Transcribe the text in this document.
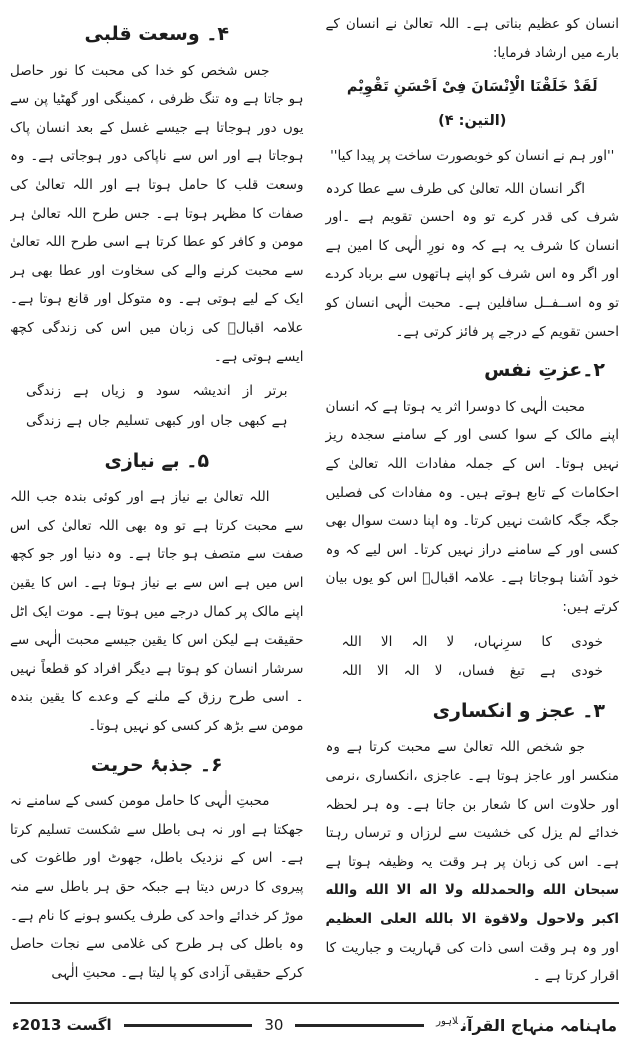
انسان کو عظیم بناتی ہے۔ اللہ تعالیٰ نے انسان کے بارے میں ارشاد فرمایا:

لَقَدْ خَلَقْنَا الْاِنْسَانَ فِیْ اَحْسَنِ تَقْوِیْم (التین: ۴)
''اور ہم نے انسان کو خوبصورت ساخت پر پیدا کیا''

اگر انسان اللہ تعالیٰ کی طرف سے عطا کردہ شرف کی قدر کرے تو وہ احسن تقویم ہے ۔اور انسان کا شرف یہ ہے کہ وہ نورِ الٰہی کا امین ہے اور اگر وہ اس شرف کو اپنے ہاتھوں سے برباد کردے تو وہ اســفــل سافلین ہے۔ محبت الٰہی انسان کو احسن تقویم کے درجے پر فائز کرتی ہے۔

۲۔عزتِ نفس

محبت الٰہی کا دوسرا اثر یہ ہوتا ہے کہ انسان اپنے مالک کے سوا کسی اور کے سامنے سجدہ ریز نہیں ہوتا۔ اس کے جملہ مفادات اللہ تعالیٰ کے احکامات کے تابع ہوتے ہیں۔ وہ مفادات کی فصلیں جگہ جگہ کاشت نہیں کرتا۔ وہ اپنا دست سوال بھی کسی اور کے سامنے دراز نہیں کرتا۔ اس لیے کہ وہ خود آشنا ہوجاتا ہے۔ علامہ اقبالؒ اس کو یوں بیان کرتے ہیں:

خودی کا سرِنہاں، لا الہ الا اللہ
خودی ہے تیغ فساں، لا الہ الا اللہ
۳۔ عجز و انکساری

جو شخص اللہ تعالیٰ سے محبت کرتا ہے وہ منکسر اور عاجز ہوتا ہے۔ عاجزی ،انکساری ،نرمی اور حلاوت اس کا شعار بن جاتا ہے۔ وہ ہر لحظہ خدائے لم یزل کی خشیت سے لرزاں و ترساں رہتا ہے۔ اس کی زبان پر ہر وقت یہ وظیفہ ہوتا ہے سبحان الله والحمدلله ولا اله الا الله والله اكبر ولاحول ولاقوة الا بالله العلی العظیم اور وہ ہر وقت اسی ذات کی قہاریت و جباریت کا اقرار کرتا ہے ۔

۴۔ وسعت قلبی

جس شخص کو خدا کی محبت کا نور حاصل ہو جاتا ہے وہ تنگ ظرفی ، کمینگی اور گھٹیا پن سے یوں دور ہوجاتا ہے جیسے غسل کے بعد انسان پاک ہوجاتا ہے اور اس سے ناپاکی دور ہوجاتی ہے۔ وہ وسعت قلب کا حامل ہوتا ہے اور اللہ تعالیٰ کی صفات کا مظہر ہوتا ہے۔ جس طرح اللہ تعالیٰ ہر مومن و کافر کو عطا کرتا ہے اسی طرح اللہ تعالیٰ سے محبت کرنے والے کی سخاوت اور عطا بھی ہر ایک کے لیے ہوتی ہے۔ وہ متوکل اور قانع ہوتا ہے۔ علامہ اقبالؒ کی زبان میں اس کی زندگی کچھ ایسے ہوتی ہے۔

برتر از اندیشہ سود و زیاں ہے زندگی
ہے کبھی جاں اور کبھی تسلیم جاں ہے زندگی
۵۔ بے نیازی

اللہ تعالیٰ بے نیاز ہے اور کوئی بندہ جب اللہ سے محبت کرتا ہے تو وہ بھی اللہ تعالیٰ کی اس صفت سے متصف ہو جاتا ہے۔ وہ دنیا اور جو کچھ اس میں ہے اس سے بے نیاز ہوتا ہے۔ اس کا یقین اپنے مالک پر کمال درجے میں ہوتا ہے۔ موت ایک اٹل حقیقت ہے لیکن اس کا یقین جیسے محبت الٰہی سے سرشار انسان کو ہوتا ہے دیگر افراد کو قطعاً نہیں ۔ اسی طرح رزق کے ملنے کے وعدے کا یقین بندہ مومن سے بڑھ کر کسی کو نہیں ہوتا۔

۶۔ جذبۂ حریت

محبتِ الٰہی کا حامل مومن کسی کے سامنے نہ جھکتا ہے اور نہ ہی باطل سے شکست تسلیم کرتا ہے۔ اس کے نزدیک باطل، جھوٹ اور طاغوت کی پیروی کا درس دیتا ہے جبکہ حق ہر باطل سے منہ موڑ کر خدائے واحد کی طرف یکسو ہونے کا نام ہے۔ وہ باطل کی ہر طرح کی غلامی سے نجات حاصل کرکے حقیقی آزادی کو پا لیتا ہے۔ محبتِ الٰہی

اگست 2013ء	30	ماہنامہ منہاج القرآن$^{لاہور}$
